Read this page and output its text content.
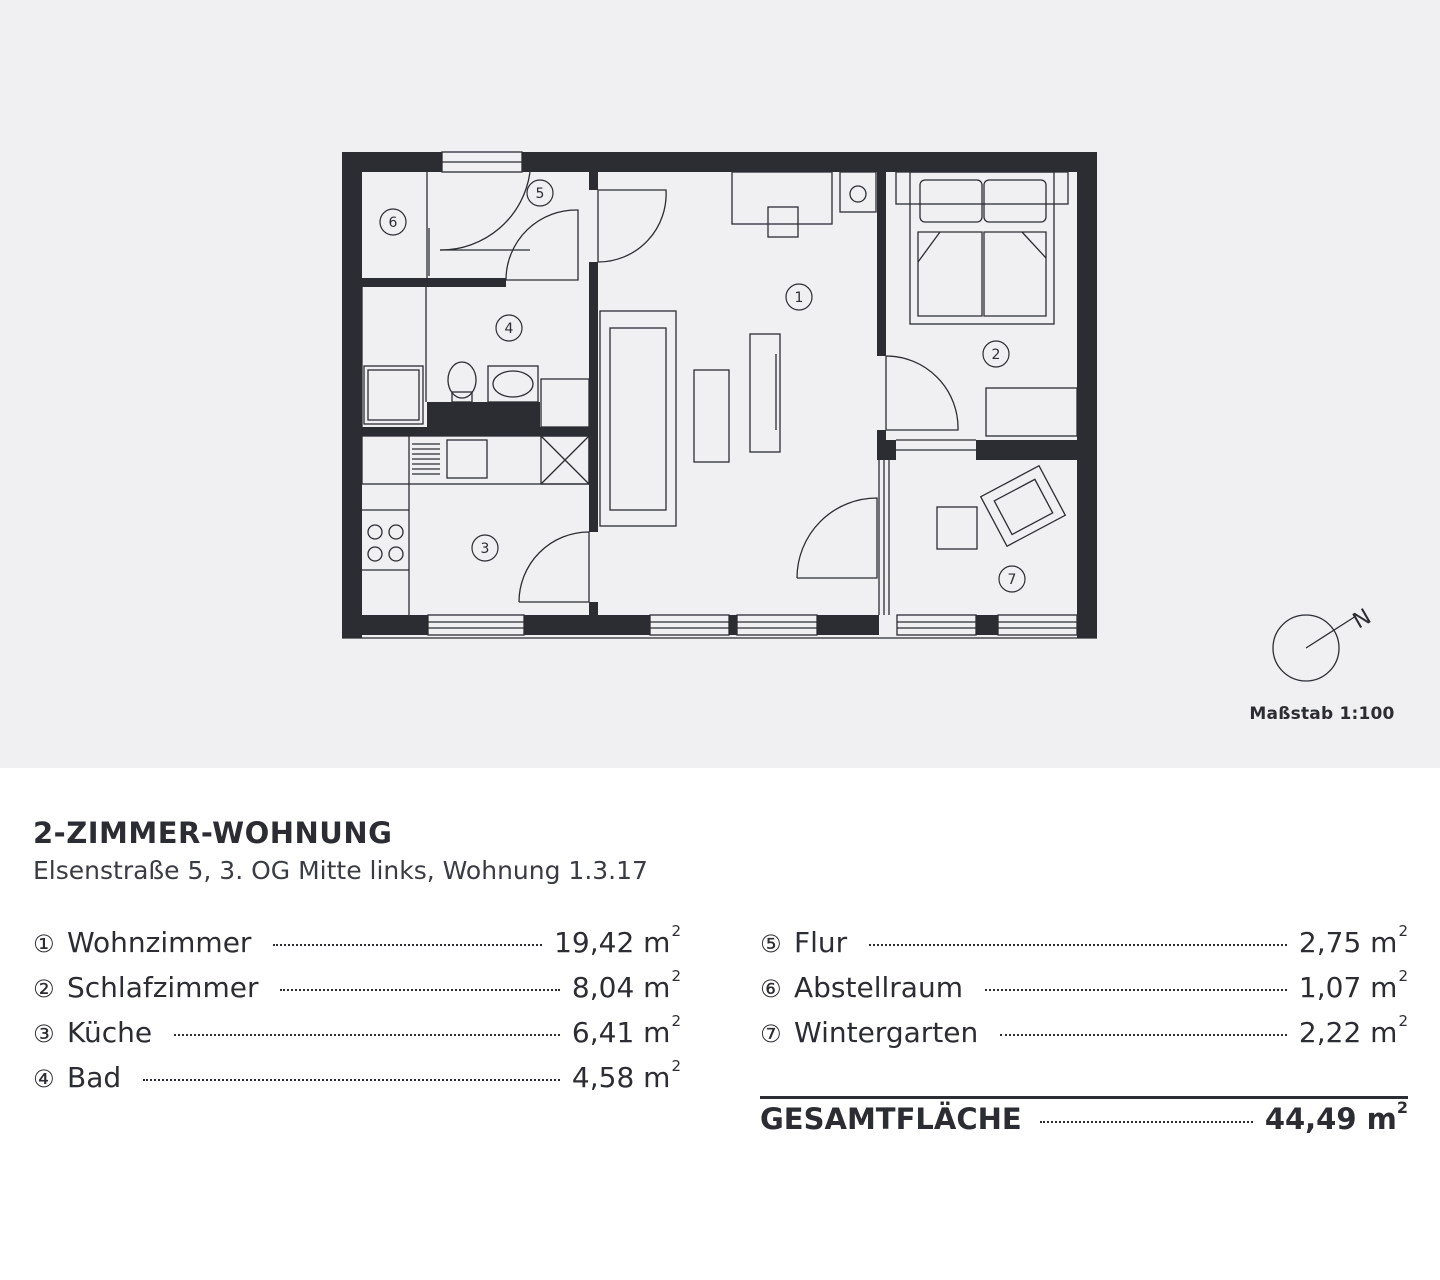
1
2
3
4
5
6
7
N
Maßstab 1:100
2-ZIMMER-WOHNUNG
Elsenstraße 5, 3. OG Mitte links, Wohnung 1.3.17
① Wohnzimmer	19,42 $m^2$
② Schlafzimmer	8,04 $m^2$
③ Küche	6,41 $m^2$
④ Bad	4,58 $m^2$
⑤ Flur	2,75 $m^2$
⑥ Abstellraum	1,07 $m^2$
⑦ Wintergarten	2,22 $m^2$
GESAMTFLÄCHE	44,49 $m^2$
